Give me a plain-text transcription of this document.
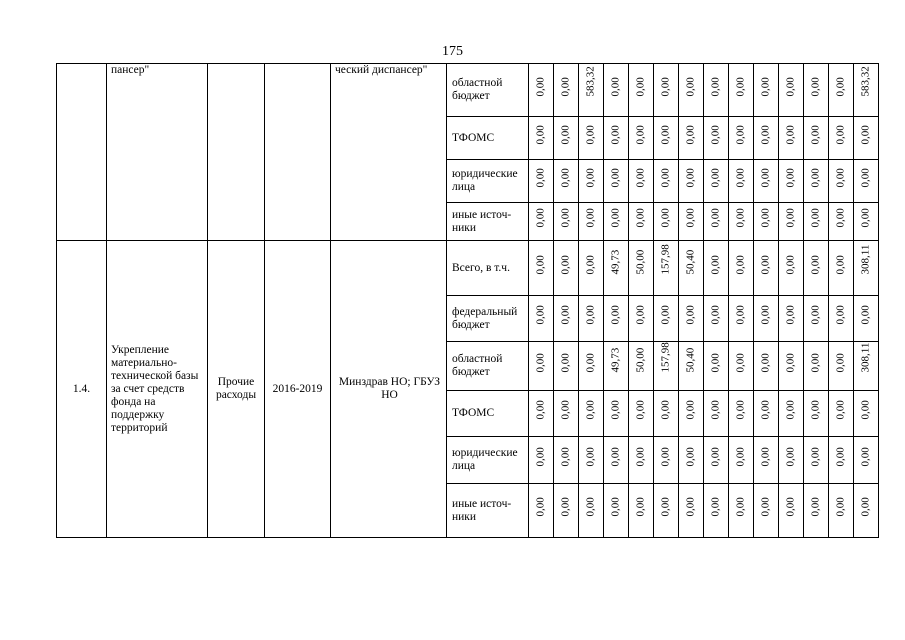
175
	пансер"			ческий диспансер"	областной бюджет	0,00	0,00	583,32	0,00	0,00	0,00	0,00	0,00	0,00	0,00	0,00	0,00	0,00	583,32

					ТФОМС	0,00	0,00	0,00	0,00	0,00	0,00	0,00	0,00	0,00	0,00	0,00	0,00	0,00	0,00

					юридические лица	0,00	0,00	0,00	0,00	0,00	0,00	0,00	0,00	0,00	0,00	0,00	0,00	0,00	0,00

					иные источ-ники	0,00	0,00	0,00	0,00	0,00	0,00	0,00	0,00	0,00	0,00	0,00	0,00	0,00	0,00

1.4.	Укрепление материально-технической базы за счет средств фонда на поддержку территорий	Прочие расходы	2016-2019	Минздрав НО; ГБУЗ НО	Всего, в т.ч.	0,00	0,00	0,00	49,73	50,00	157,98	50,40	0,00	0,00	0,00	0,00	0,00	0,00	308,11

					федеральный бюджет	0,00	0,00	0,00	0,00	0,00	0,00	0,00	0,00	0,00	0,00	0,00	0,00	0,00	0,00

					областной бюджет	0,00	0,00	0,00	49,73	50,00	157,98	50,40	0,00	0,00	0,00	0,00	0,00	0,00	308,11

					ТФОМС	0,00	0,00	0,00	0,00	0,00	0,00	0,00	0,00	0,00	0,00	0,00	0,00	0,00	0,00

					юридические лица	0,00	0,00	0,00	0,00	0,00	0,00	0,00	0,00	0,00	0,00	0,00	0,00	0,00	0,00

					иные источ-ники	0,00	0,00	0,00	0,00	0,00	0,00	0,00	0,00	0,00	0,00	0,00	0,00	0,00	0,00
